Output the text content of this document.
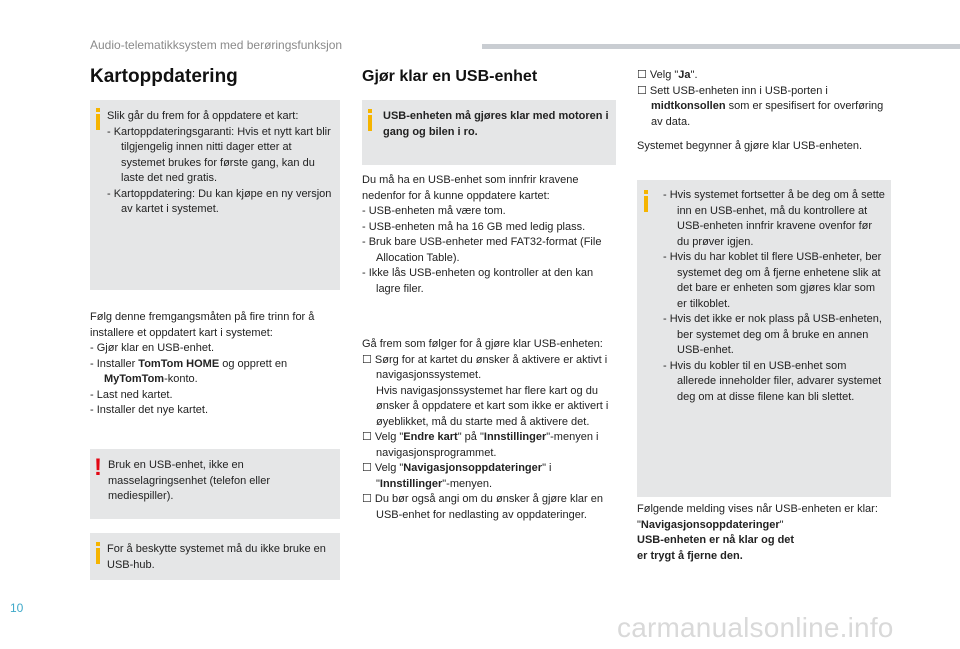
Audio-telematikksystem med berøringsfunksjon
Kartoppdatering

Slik går du frem for å oppdatere et kart:

- Kartoppdateringsgaranti: Hvis et nytt kart blir tilgjengelig innen nitti dager etter at systemet brukes for første gang, kan du laste det ned gratis.

- Kartoppdatering: Du kan kjøpe en ny versjon av kartet i systemet.

Følg denne fremgangsmåten på fire trinn for å installere et oppdatert kart i systemet:

- Gjør klar en USB-enhet.

- Installer TomTom HOME og opprett en
MyTomTom-konto.

- Last ned kartet.

- Installer det nye kartet.

! Bruk en USB-enhet, ikke en masselagringsenhet (telefon eller mediespiller).
For å beskytte systemet må du ikke bruke en USB-hub.
Gjør klar en USB-enhet
USB-enheten må gjøres klar med motoren i gang og bilen i ro.

Du må ha en USB-enhet som innfrir kravene nedenfor for å kunne oppdatere kartet:

- USB-enheten må være tom.

- USB-enheten må ha 16 GB med ledig plass.

- Bruk bare USB-enheter med FAT32-format (File Allocation Table).

- Ikke lås USB-enheten og kontroller at den kan lagre filer.

Gå frem som følger for å gjøre klar USB-enheten:

☐ Sørg for at kartet du ønsker å aktivere er aktivt i navigasjonssystemet.

Hvis navigasjonssystemet har flere kart og du ønsker å oppdatere et kart som ikke er aktivert i øyeblikket, må du starte med å aktivere det.

☐ Velg "Endre kart" på "Innstillinger"-menyen i navigasjonsprogrammet.

☐ Velg "Navigasjonsoppdateringer" i "Innstillinger"-menyen.

☐ Du bør også angi om du ønsker å gjøre klar en USB-enhet for nedlasting av oppdateringer.

☐ Velg "Ja".

☐ Sett USB-enheten inn i USB-porten i midtkonsollen som er spesifisert for overføring av data.

Systemet begynner å gjøre klar USB-enheten.

- Hvis systemet fortsetter å be deg om å sette inn en USB-enhet, må du kontrollere at USB-enheten innfrir kravene ovenfor før du prøver igjen.

- Hvis du har koblet til flere USB-enheter, ber systemet deg om å fjerne enhetene slik at det bare er enheten som gjøres klar som er tilkoblet.

- Hvis det ikke er nok plass på USB-enheten, ber systemet deg om å bruke en annen USB-enhet.

- Hvis du kobler til en USB-enhet som allerede inneholder filer, advarer systemet deg om at disse filene kan bli slettet.

Følgende melding vises når USB-enheten er klar:

"Navigasjonsoppdateringer"

USB-enheten er nå klar og det

er trygt å fjerne den.

10
carmanualsonline.info
